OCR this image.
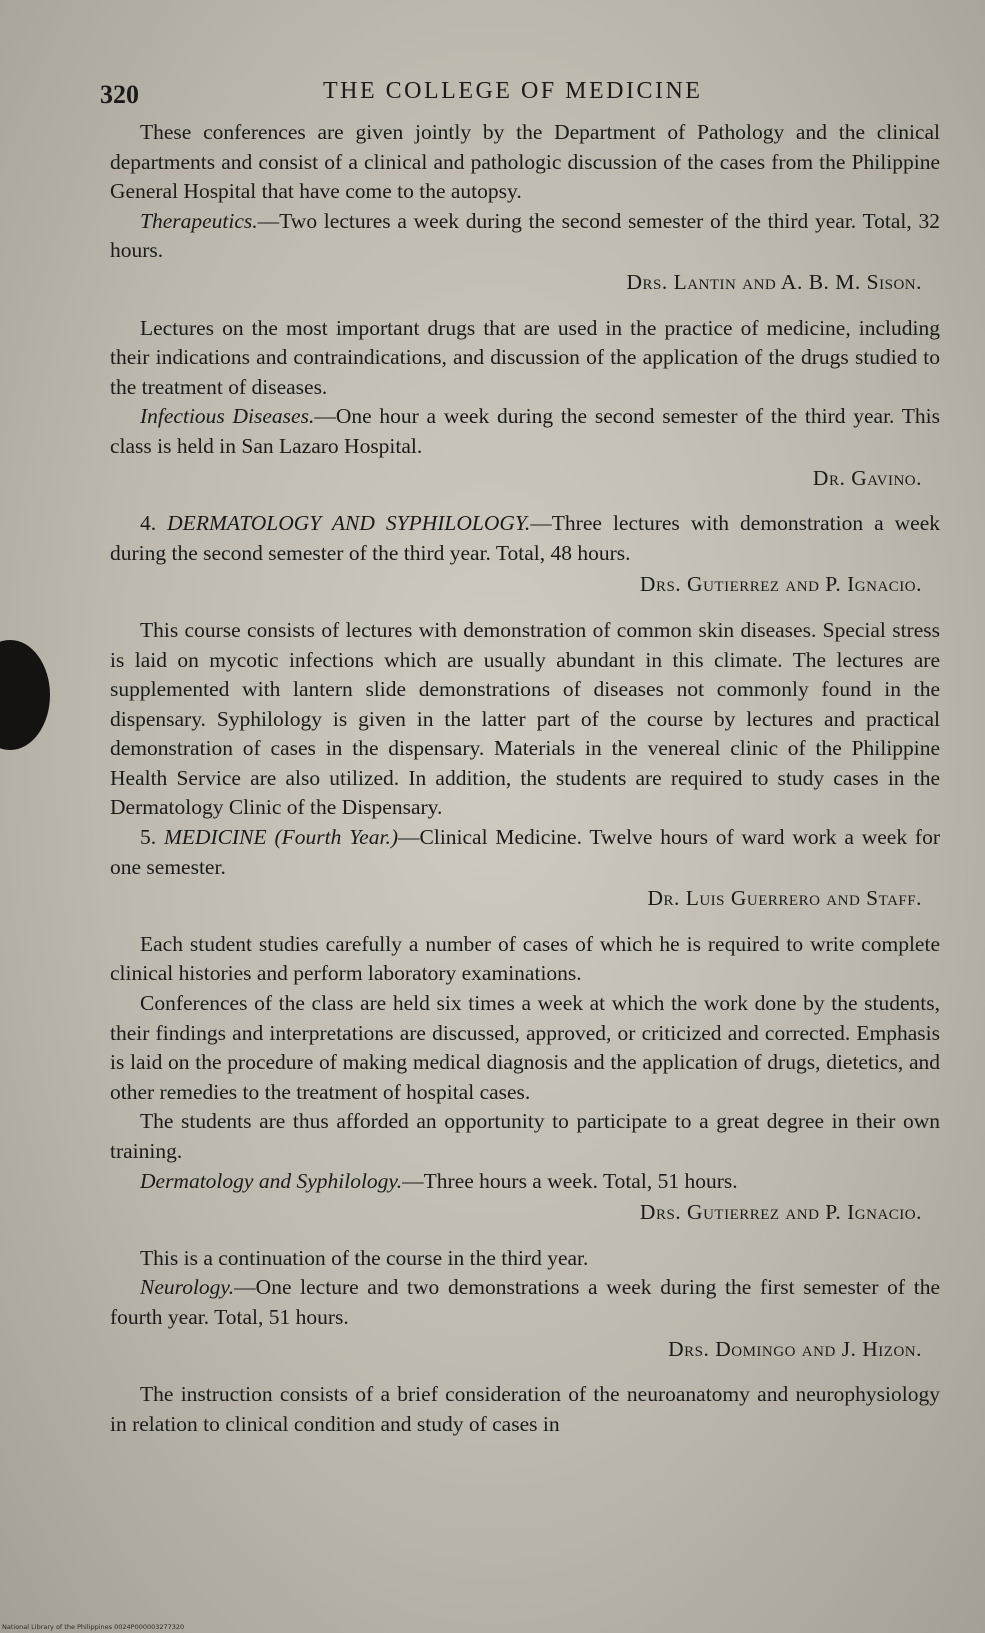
320	THE COLLEGE OF MEDICINE

These conferences are given jointly by the Department of Pathology and the clinical departments and consist of a clinical and pathologic discussion of the cases from the Philippine General Hospital that have come to the autopsy.

Therapeutics.—Two lectures a week during the second semester of the third year. Total, 32 hours.

Drs. Lantin and A. B. M. Sison.

Lectures on the most important drugs that are used in the practice of medicine, including their indications and contraindications, and discussion of the application of the drugs studied to the treatment of diseases.

Infectious Diseases.—One hour a week during the second semester of the third year. This class is held in San Lazaro Hospital.

Dr. Gavino.

4. DERMATOLOGY AND SYPHILOLOGY.—Three lectures with demonstration a week during the second semester of the third year. Total, 48 hours.

Drs. Gutierrez and P. Ignacio.

This course consists of lectures with demonstration of common skin diseases. Special stress is laid on mycotic infections which are usually abundant in this climate. The lectures are supplemented with lantern slide demonstrations of diseases not commonly found in the dispensary. Syphilology is given in the latter part of the course by lectures and practical demonstration of cases in the dispensary. Materials in the venereal clinic of the Philippine Health Service are also utilized. In addition, the students are required to study cases in the Dermatology Clinic of the Dispensary.

5. MEDICINE (Fourth Year.)—Clinical Medicine. Twelve hours of ward work a week for one semester.

Dr. Luis Guerrero and Staff.

Each student studies carefully a number of cases of which he is required to write complete clinical histories and perform laboratory examinations.

Conferences of the class are held six times a week at which the work done by the students, their findings and interpretations are discussed, approved, or criticized and corrected. Emphasis is laid on the procedure of making medical diagnosis and the application of drugs, dietetics, and other remedies to the treatment of hospital cases.

The students are thus afforded an opportunity to participate to a great degree in their own training.

Dermatology and Syphilology.—Three hours a week. Total, 51 hours.

Drs. Gutierrez and P. Ignacio.

This is a continuation of the course in the third year.

Neurology.—One lecture and two demonstrations a week during the first semester of the fourth year. Total, 51 hours.

Drs. Domingo and J. Hizon.

The instruction consists of a brief consideration of the neuroanatomy and neurophysiology in relation to clinical condition and study of cases in

National Library of the Philippines 0024P000003277320
